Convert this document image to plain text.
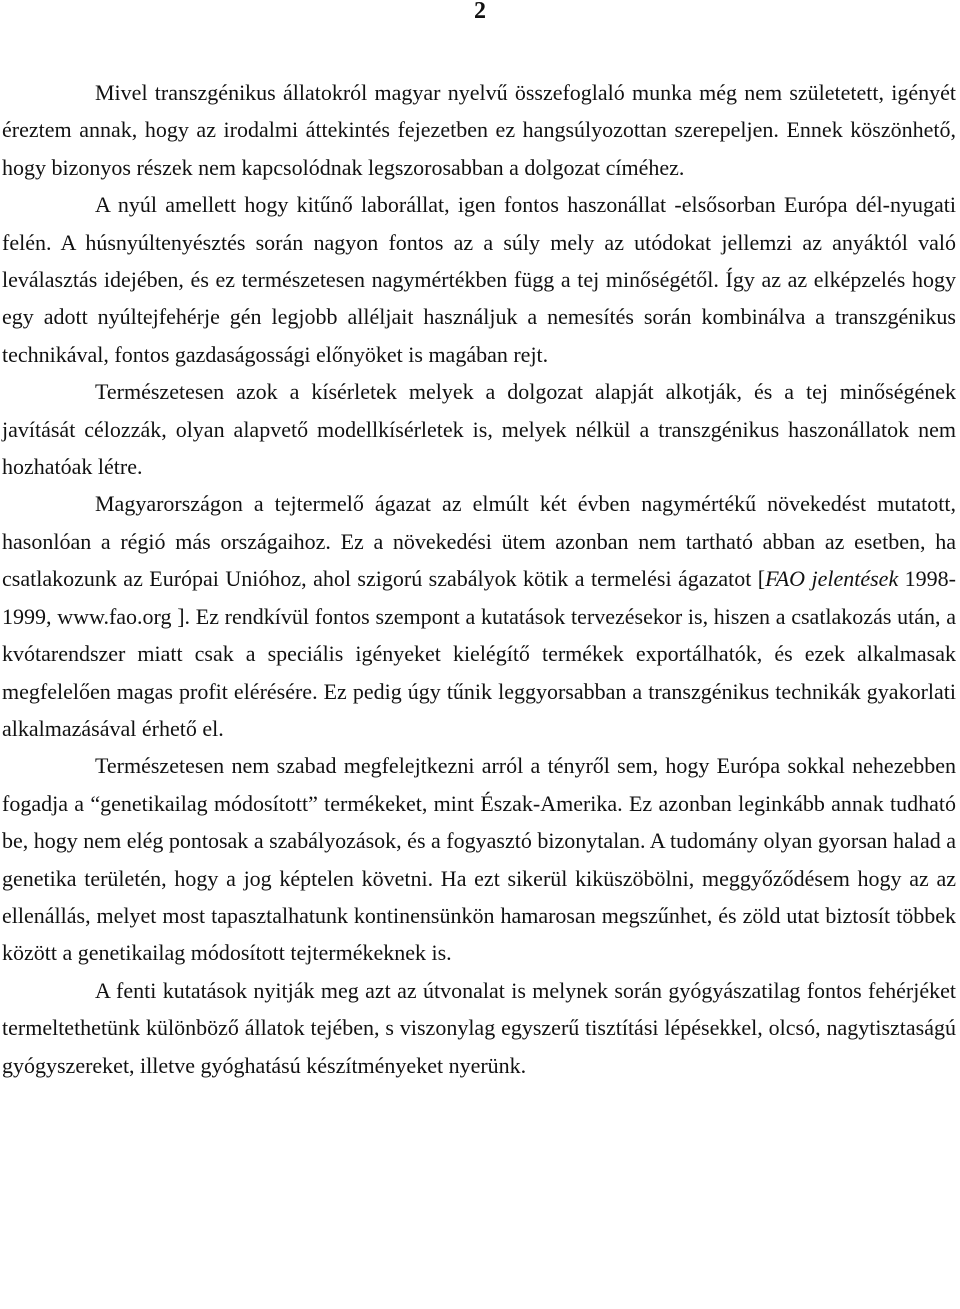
2

Mivel transzgénikus állatokról magyar nyelvű összefoglaló munka még nem születetett, igényét éreztem annak, hogy az irodalmi áttekintés fejezetben ez hangsúlyozottan szerepeljen. Ennek köszönhető, hogy bizonyos részek nem kapcsolódnak legszorosabban a dolgozat címéhez.

A nyúl amellett hogy kitűnő laborállat, igen fontos haszonállat -elsősorban Európa dél-nyugati felén. A húsnyúltenyésztés során nagyon fontos az a súly mely az utódokat jellemzi az anyáktól való leválasztás idejében, és ez természetesen nagymértékben függ a tej minőségétől. Így az az elképzelés hogy egy adott nyúltejfehérje gén legjobb alléljait használjuk a nemesítés során kombinálva a transzgénikus technikával, fontos gazdaságossági előnyöket is magában rejt.

Természetesen azok a kísérletek melyek a dolgozat alapját alkotják, és a tej minőségének javítását célozzák, olyan alapvető modellkísérletek is, melyek nélkül a transzgénikus haszonállatok nem hozhatóak létre.

Magyarországon a tejtermelő ágazat az elmúlt két évben nagymértékű növekedést mutatott, hasonlóan a régió más országaihoz. Ez a növekedési ütem azonban nem tartható abban az esetben, ha csatlakozunk az Európai Unióhoz, ahol szigorú szabályok kötik a termelési ágazatot [FAO jelentések 1998-1999, www.fao.org ]. Ez rendkívül fontos szempont a kutatások tervezésekor is, hiszen a csatlakozás után, a kvótarendszer miatt csak a speciális igényeket kielégítő termékek exportálhatók, és ezek alkalmasak megfelelően magas profit elérésére. Ez pedig úgy tűnik leggyorsabban a transzgénikus technikák gyakorlati alkalmazásával érhető el.

Természetesen nem szabad megfelejtkezni arról a tényről sem, hogy Európa sokkal nehezebben fogadja a “genetikailag módosított” termékeket, mint Észak-Amerika. Ez azonban leginkább annak tudható be, hogy nem elég pontosak a szabályozások, és a fogyasztó bizonytalan. A tudomány olyan gyorsan halad a genetika területén, hogy a jog képtelen követni. Ha ezt sikerül kiküszöbölni, meggyőződésem hogy az az ellenállás, melyet most tapasztalhatunk kontinensünkön hamarosan megszűnhet, és zöld utat biztosít többek között a genetikailag módosított tejtermékeknek is.

A fenti kutatások nyitják meg azt az útvonalat is melynek során gyógyászatilag fontos fehérjéket termeltethetünk különböző állatok tejében, s viszonylag egyszerű tisztítási lépésekkel, olcsó, nagytisztaságú gyógyszereket, illetve gyóghatású készítményeket nyerünk.
